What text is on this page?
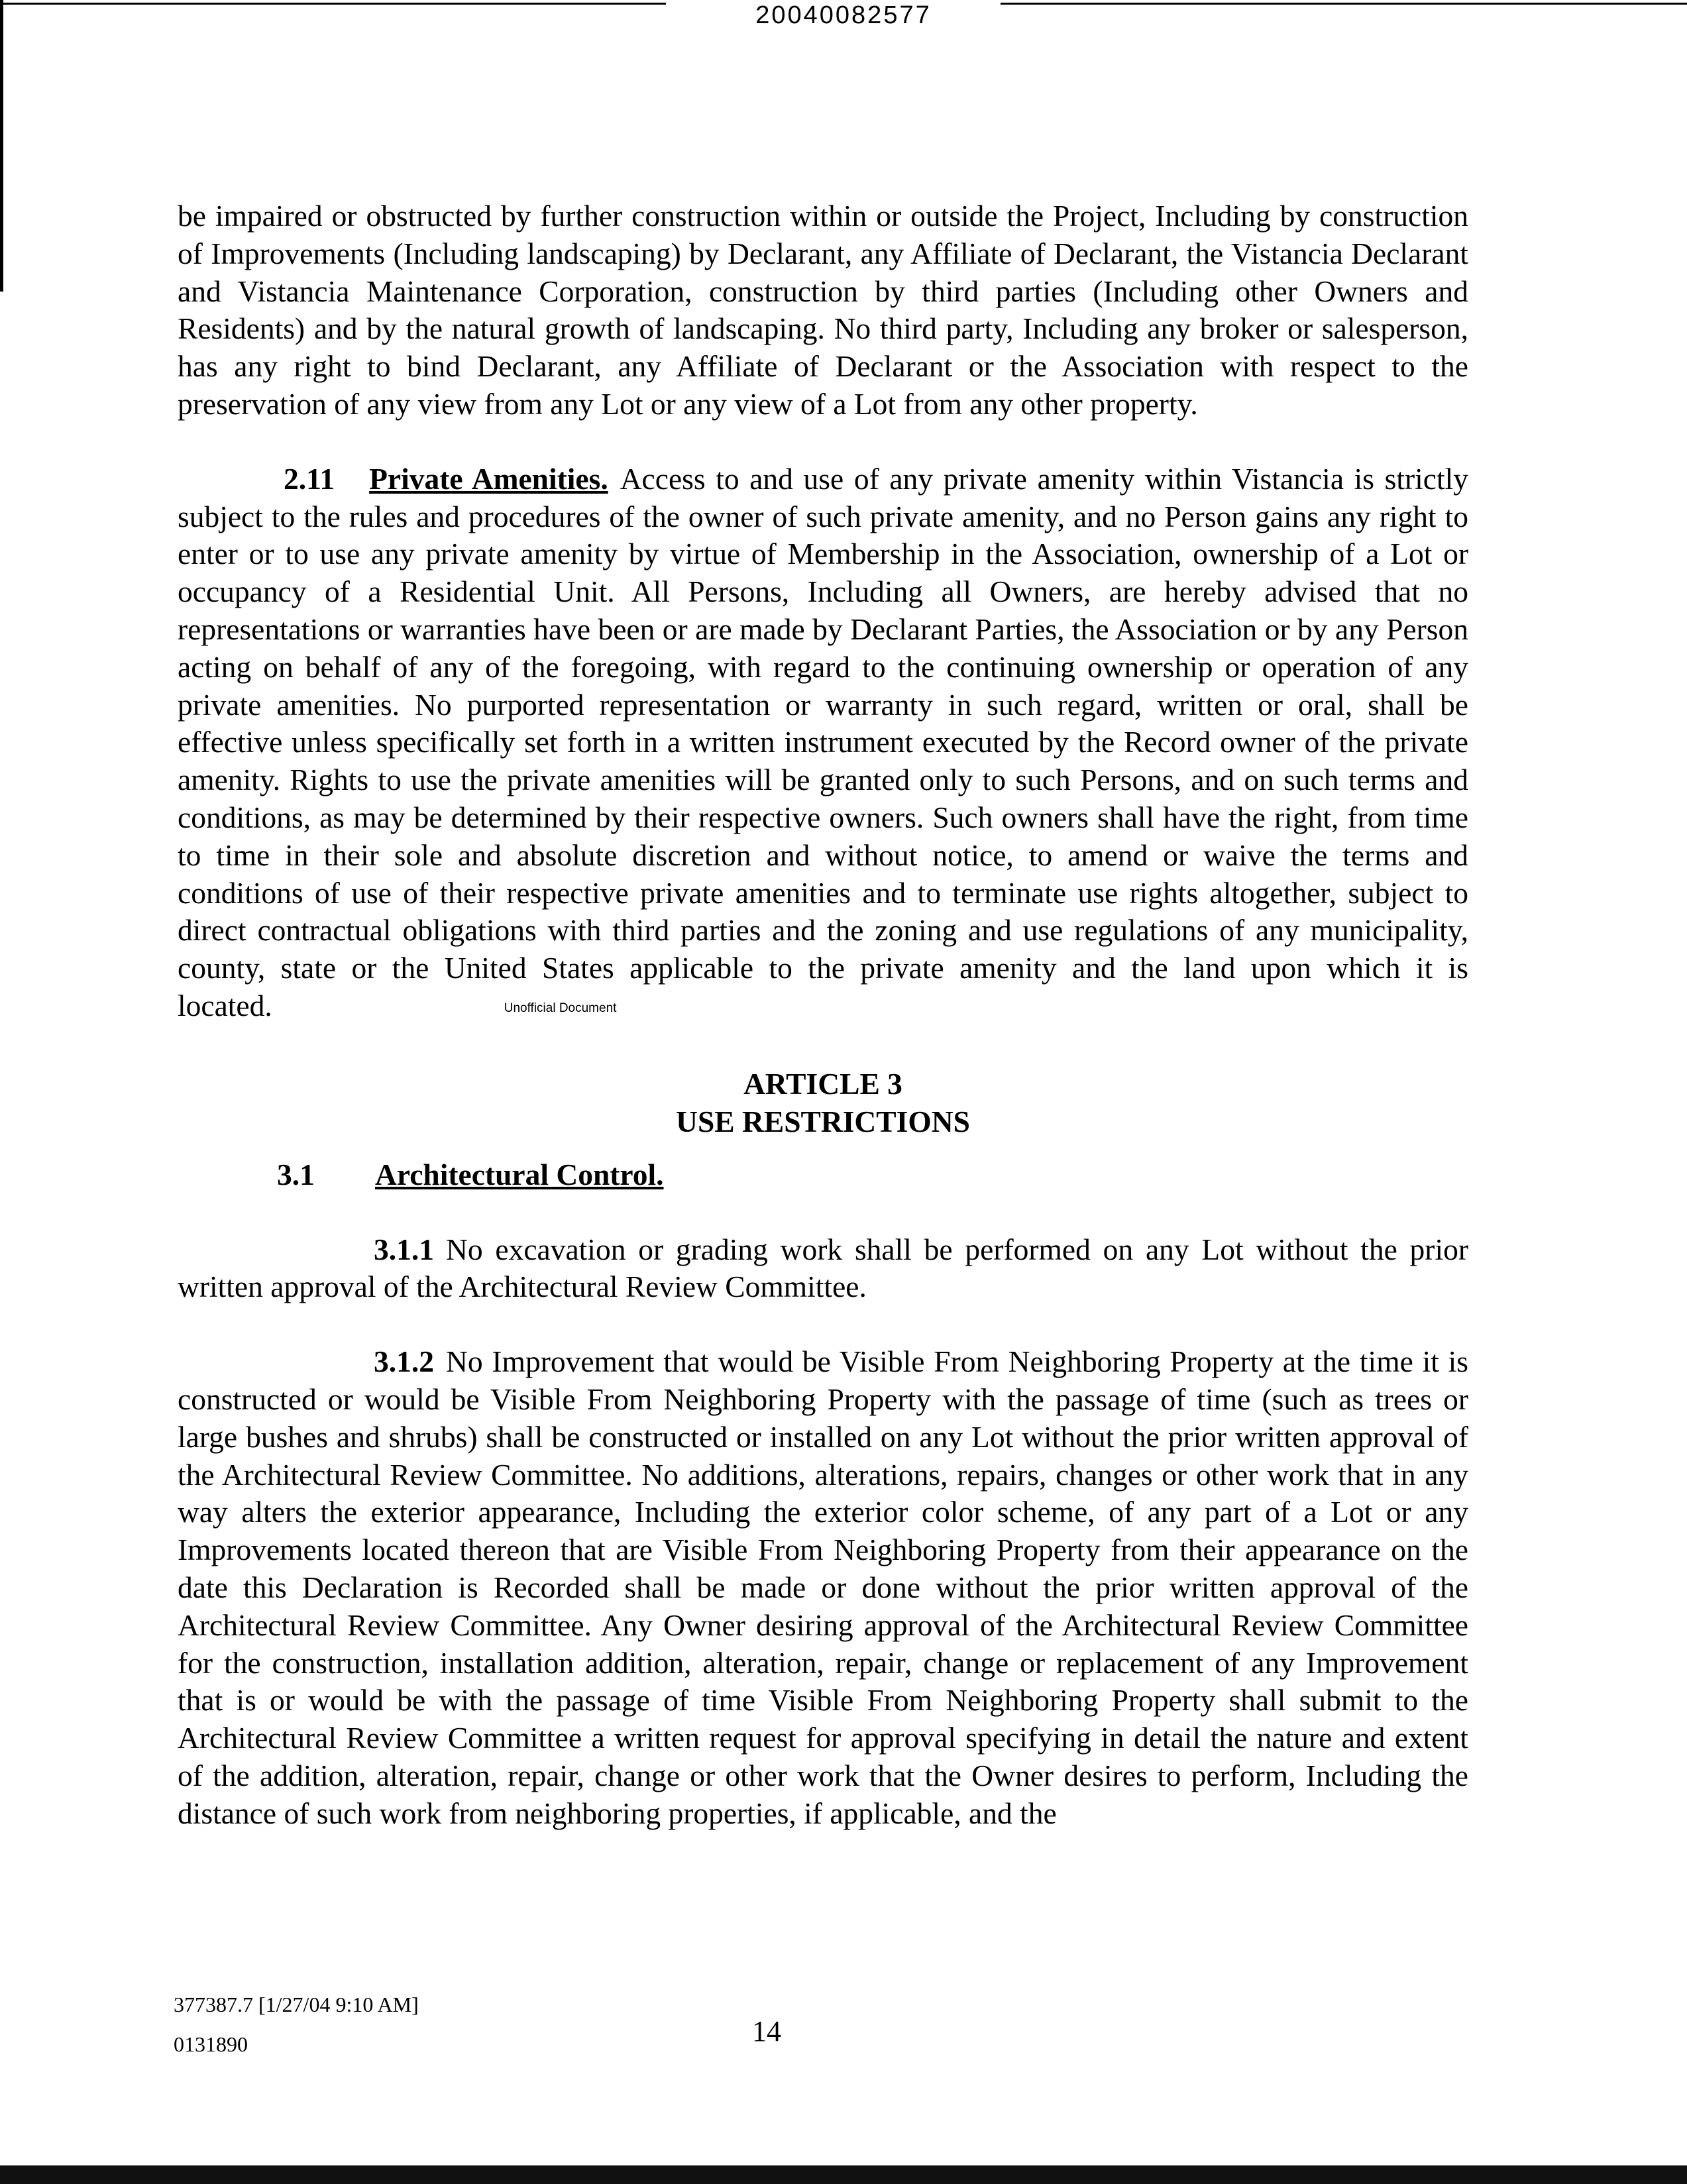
20040082577

be impaired or obstructed by further construction within or outside the Project, Including by construction of Improvements (Including landscaping) by Declarant, any Affiliate of Declarant, the Vistancia Declarant and Vistancia Maintenance Corporation, construction by third parties (Including other Owners and Residents) and by the natural growth of landscaping. No third party, Including any broker or salesperson, has any right to bind Declarant, any Affiliate of Declarant or the Association with respect to the preservation of any view from any Lot or any view of a Lot from any other property.

2.11 Private Amenities. Access to and use of any private amenity within Vistancia is strictly subject to the rules and procedures of the owner of such private amenity, and no Person gains any right to enter or to use any private amenity by virtue of Membership in the Association, ownership of a Lot or occupancy of a Residential Unit. All Persons, Including all Owners, are hereby advised that no representations or warranties have been or are made by Declarant Parties, the Association or by any Person acting on behalf of any of the foregoing, with regard to the continuing ownership or operation of any private amenities. No purported representation or warranty in such regard, written or oral, shall be effective unless specifically set forth in a written instrument executed by the Record owner of the private amenity. Rights to use the private amenities will be granted only to such Persons, and on such terms and conditions, as may be determined by their respective owners. Such owners shall have the right, from time to time in their sole and absolute discretion and without notice, to amend or waive the terms and conditions of use of their respective private amenities and to terminate use rights altogether, subject to direct contractual obligations with third parties and the zoning and use regulations of any municipality, county, state or the United States applicable to the private amenity and the land upon which it is located.	Unofficial Document

ARTICLE 3
USE RESTRICTIONS
3.1 Architectural Control.

3.1.1 No excavation or grading work shall be performed on any Lot without the prior written approval of the Architectural Review Committee.

3.1.2 No Improvement that would be Visible From Neighboring Property at the time it is constructed or would be Visible From Neighboring Property with the passage of time (such as trees or large bushes and shrubs) shall be constructed or installed on any Lot without the prior written approval of the Architectural Review Committee. No additions, alterations, repairs, changes or other work that in any way alters the exterior appearance, Including the exterior color scheme, of any part of a Lot or any Improvements located thereon that are Visible From Neighboring Property from their appearance on the date this Declaration is Recorded shall be made or done without the prior written approval of the Architectural Review Committee. Any Owner desiring approval of the Architectural Review Committee for the construction, installation addition, alteration, repair, change or replacement of any Improvement that is or would be with the passage of time Visible From Neighboring Property shall submit to the Architectural Review Committee a written request for approval specifying in detail the nature and extent of the addition, alteration, repair, change or other work that the Owner desires to perform, Including the distance of such work from neighboring properties, if applicable, and the

377387.7 [1/27/04 9:10 AM]
0131890	14
